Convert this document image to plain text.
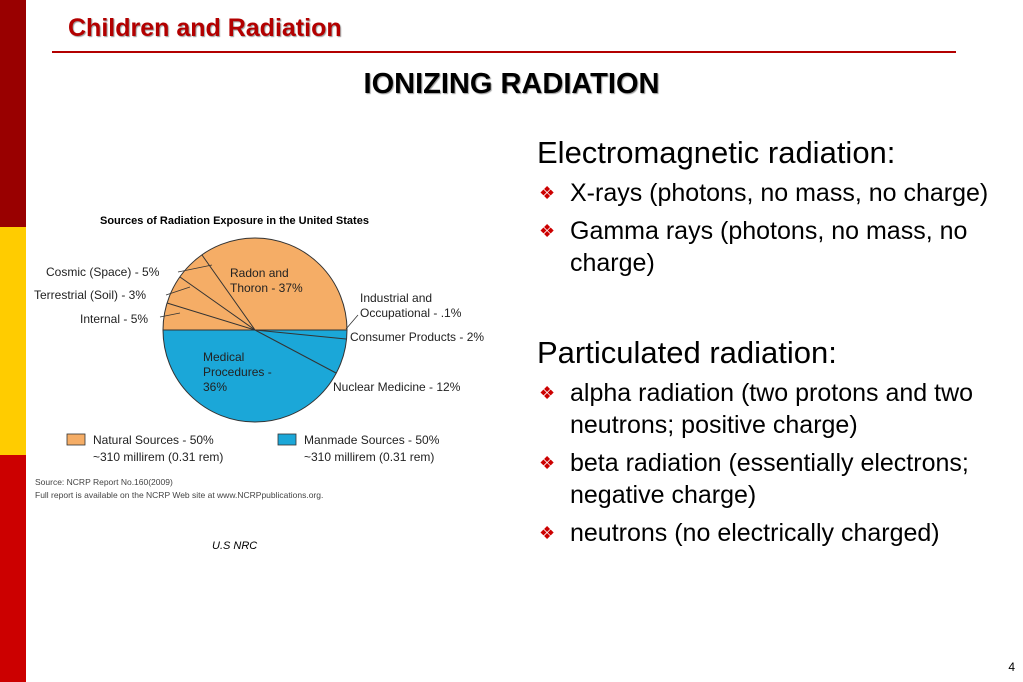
Children and Radiation
IONIZING RADIATION
Sources of Radiation Exposure in the United States
Cosmic (Space) - 5%
Terrestrial (Soil) - 3%
Internal - 5%
Radon and
Thoron - 37%
Industrial and
Occupational - .1%
Consumer Products - 2%
Medical
Procedures -
36%	Nuclear Medicine - 12%
Natural Sources - 50%
~310 millirem (0.31 rem)
Manmade Sources - 50%
~310 millirem (0.31 rem)
Source: NCRP Report No.160(2009)
Full report is available on the NCRP Web site at www.NCRPpublications.org.
U.S NRC
Electromagnetic radiation:
❖ X-rays (photons, no mass, no charge)
❖ Gamma rays (photons, no mass, no charge)
Particulated radiation:
❖ alpha radiation (two protons and two neutrons; positive charge)
❖ beta radiation (essentially electrons; negative charge)
❖ neutrons (no electrically charged)
4
